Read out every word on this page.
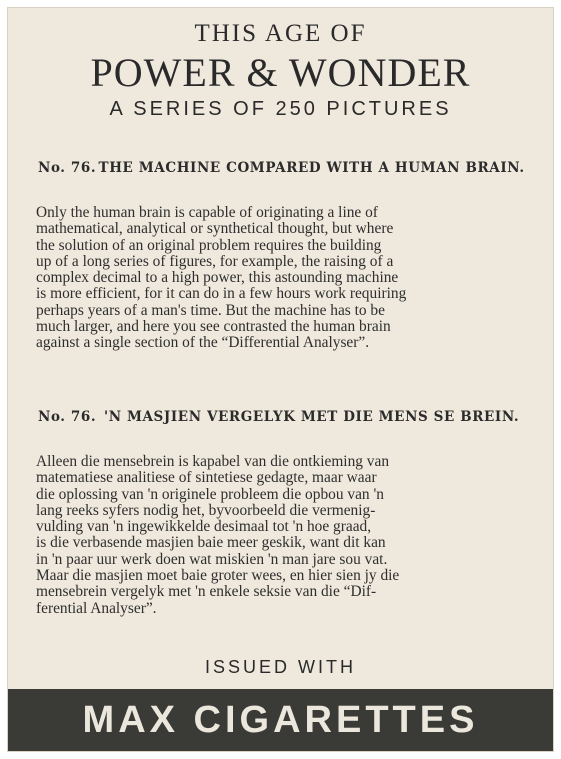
THIS AGE OF
POWER & WONDER
A SERIES OF 250 PICTURES
No. 76. THE MACHINE COMPARED WITH A HUMAN BRAIN.
Only the human brain is capable of originating a line of
mathematical, analytical or synthetical thought, but where
the solution of an original problem requires the building
up of a long series of figures, for example, the raising of a
complex decimal to a high power, this astounding machine
is more efficient, for it can do in a few hours work requiring
perhaps years of a man's time. But the machine has to be
much larger, and here you see contrasted the human brain
against a single section of the “Differential Analyser”.
No. 76. 'N MASJIEN VERGELYK MET DIE MENS SE BREIN.
Alleen die mensebrein is kapabel van die ontkieming van
matematiese analitiese of sintetiese gedagte, maar waar
die oplossing van 'n originele probleem die opbou van 'n
lang reeks syfers nodig het, byvoorbeeld die vermenig-
vulding van 'n ingewikkelde desimaal tot 'n hoe graad,
is die verbasende masjien baie meer geskik, want dit kan
in 'n paar uur werk doen wat miskien 'n man jare sou vat.
Maar die masjien moet baie groter wees, en hier sien jy die
mensebrein vergelyk met 'n enkele seksie van die “Dif-
ferential Analyser”.
ISSUED WITH
MAX CIGARETTES
